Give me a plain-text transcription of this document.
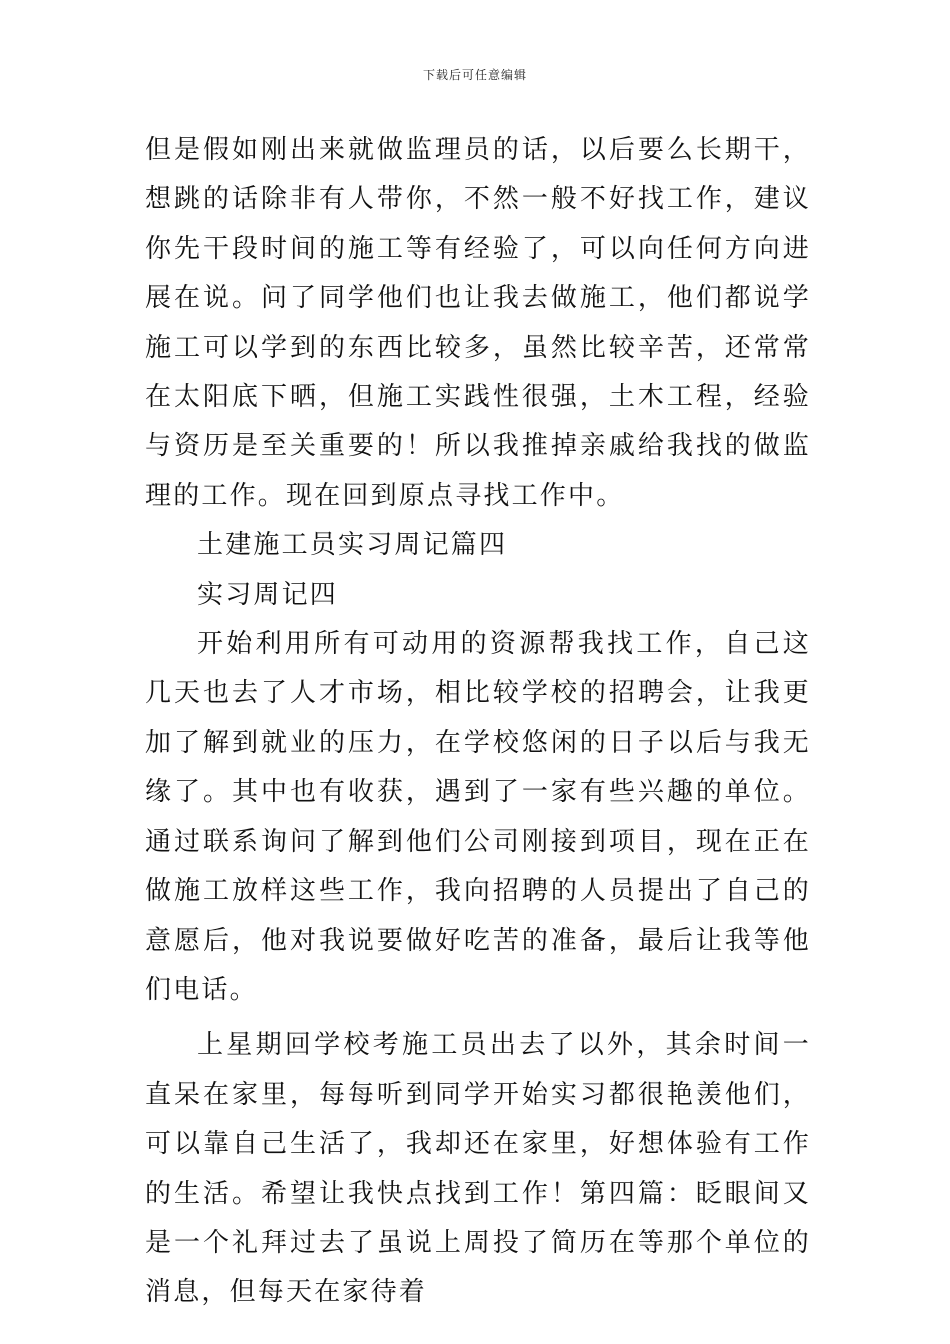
下载后可任意编辑

但是假如刚出来就做监理员的话，以后要么长期干，想跳的话除非有人带你，不然一般不好找工作，建议你先干段时间的施工等有经验了，可以向任何方向进展在说。问了同学他们也让我去做施工，他们都说学施工可以学到的东西比较多，虽然比较辛苦，还常常在太阳底下晒，但施工实践性很强，土木工程，经验与资历是至关重要的！所以我推掉亲戚给我找的做监理的工作。现在回到原点寻找工作中。

土建施工员实习周记篇四

实习周记四

开始利用所有可动用的资源帮我找工作，自己这几天也去了人才市场，相比较学校的招聘会，让我更加了解到就业的压力，在学校悠闲的日子以后与我无缘了。其中也有收获，遇到了一家有些兴趣的单位。通过联系询问了解到他们公司刚接到项目，现在正在做施工放样这些工作，我向招聘的人员提出了自己的意愿后，他对我说要做好吃苦的准备，最后让我等他们电话。

上星期回学校考施工员出去了以外，其余时间一直呆在家里，每每听到同学开始实习都很艳羡他们，可以靠自己生活了，我却还在家里，好想体验有工作的生活。希望让我快点找到工作！第四篇：眨眼间又是一个礼拜过去了虽说上周投了简历在等那个单位的消息，但每天在家待着
